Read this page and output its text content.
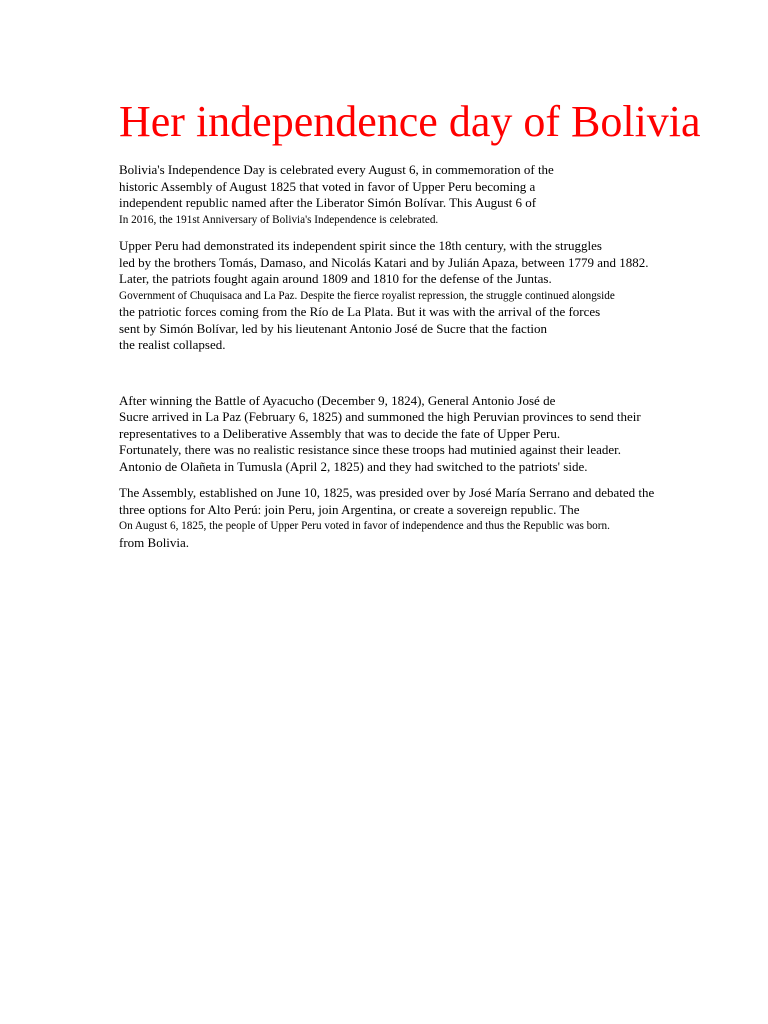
Her independence day of Bolivia
Bolivia's Independence Day is celebrated every August 6, in commemoration of the
historic Assembly of August 1825 that voted in favor of Upper Peru becoming a
independent republic named after the Liberator Simón Bolívar. This August 6 of
In 2016, the 191st Anniversary of Bolivia's Independence is celebrated.
Upper Peru had demonstrated its independent spirit since the 18th century, with the struggles
led by the brothers Tomás, Damaso, and Nicolás Katari and by Julián Apaza, between 1779 and 1882.
Later, the patriots fought again around 1809 and 1810 for the defense of the Juntas.
Government of Chuquisaca and La Paz. Despite the fierce royalist repression, the struggle continued alongside
the patriotic forces coming from the Río de La Plata. But it was with the arrival of the forces
sent by Simón Bolívar, led by his lieutenant Antonio José de Sucre that the faction
the realist collapsed.
After winning the Battle of Ayacucho (December 9, 1824), General Antonio José de
Sucre arrived in La Paz (February 6, 1825) and summoned the high Peruvian provinces to send their
representatives to a Deliberative Assembly that was to decide the fate of Upper Peru.
Fortunately, there was no realistic resistance since these troops had mutinied against their leader.
Antonio de Olañeta in Tumusla (April 2, 1825) and they had switched to the patriots' side.
The Assembly, established on June 10, 1825, was presided over by José María Serrano and debated the
three options for Alto Perú: join Peru, join Argentina, or create a sovereign republic. The
On August 6, 1825, the people of Upper Peru voted in favor of independence and thus the Republic was born.
from Bolivia.
